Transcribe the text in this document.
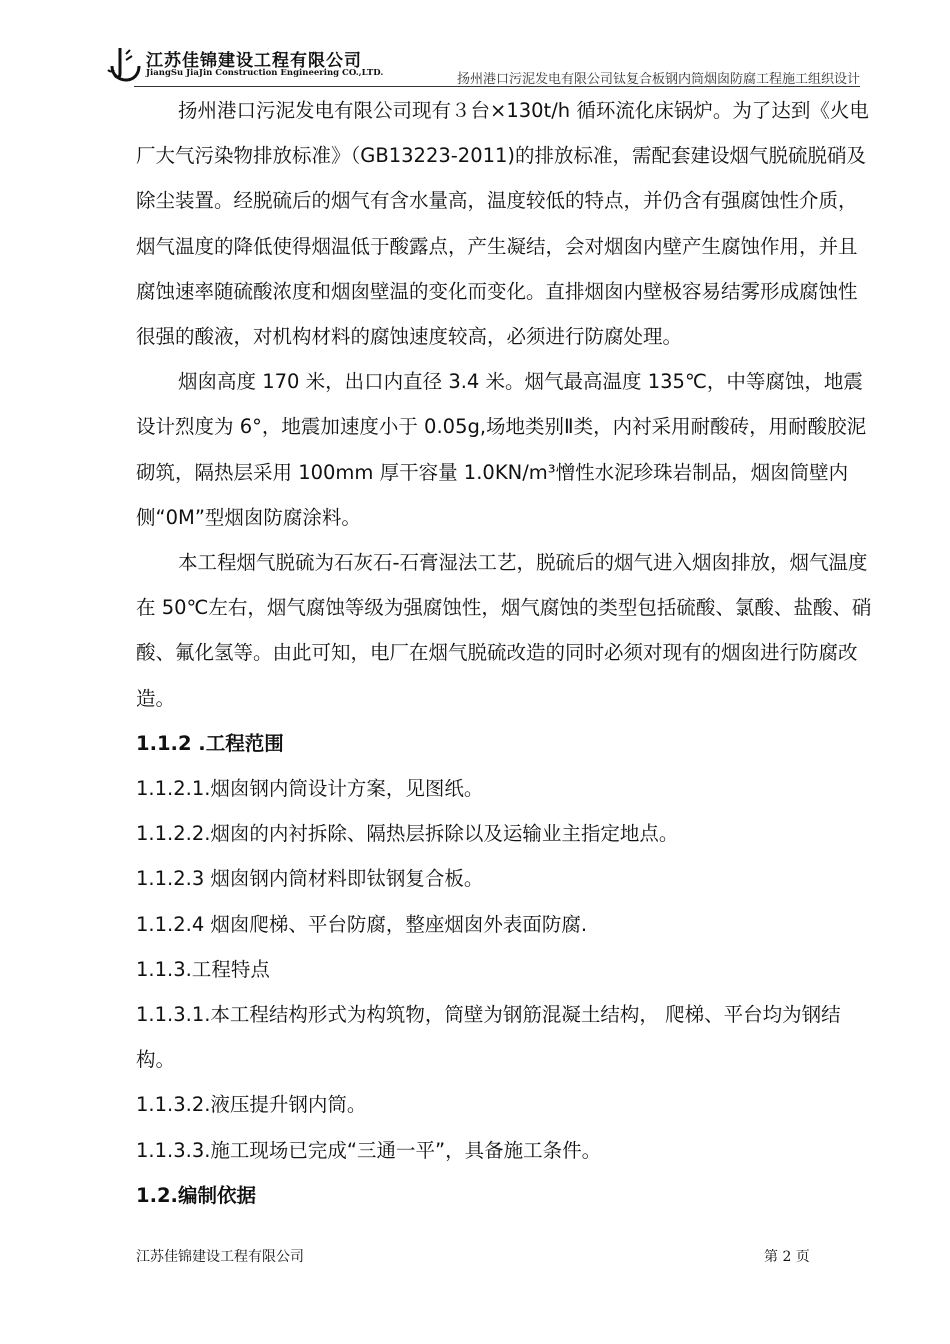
江苏佳锦建设工程有限公司
JiangSu JiaJin Construction Engineering CO.,LTD.	扬州港口污泥发电有限公司钛复合板钢内筒烟囱防腐工程施工组织设计

扬州港口污泥发电有限公司现有３台×130t/h 循环流化床锅炉。为了达到《火电厂大气污染物排放标准》（GB13223-2011)的排放标准，需配套建设烟气脱硫脱硝及除尘装置。经脱硫后的烟气有含水量高，温度较低的特点，并仍含有强腐蚀性介质，烟气温度的降低使得烟温低于酸露点，产生凝结，会对烟囱内壁产生腐蚀作用，并且腐蚀速率随硫酸浓度和烟囱壁温的变化而变化。直排烟囱内壁极容易结雾形成腐蚀性很强的酸液，对机构材料的腐蚀速度较高，必须进行防腐处理。

烟囱高度 170 米，出口内直径 3.4 米。烟气最高温度 135℃，中等腐蚀，地震设计烈度为 6°，地震加速度小于 0.05g,场地类别Ⅱ类，内衬采用耐酸砖，用耐酸胶泥砌筑，隔热层采用 100mm 厚干容量 1.0KN/m³憎性水泥珍珠岩制品，烟囱筒壁内侧“0M”型烟囱防腐涂料。

本工程烟气脱硫为石灰石-石膏湿法工艺，脱硫后的烟气进入烟囱排放，烟气温度在 50℃左右，烟气腐蚀等级为强腐蚀性，烟气腐蚀的类型包括硫酸、氯酸、盐酸、硝酸、氟化氢等。由此可知，电厂在烟气脱硫改造的同时必须对现有的烟囱进行防腐改造。

1.1.2 .工程范围

1.1.2.1.烟囱钢内筒设计方案，见图纸。

1.1.2.2.烟囱的内衬拆除、隔热层拆除以及运输业主指定地点。

1.1.2.3 烟囱钢内筒材料即钛钢复合板。

1.1.2.4 烟囱爬梯、平台防腐，整座烟囱外表面防腐.

1.1.3.工程特点

1.1.3.1.本工程结构形式为构筑物，筒壁为钢筋混凝土结构， 爬梯、平台均为钢结构。

1.1.3.2.液压提升钢内筒。

1.1.3.3.施工现场已完成“三通一平”，具备施工条件。

1.2.编制依据

江苏佳锦建设工程有限公司	第 2 页
